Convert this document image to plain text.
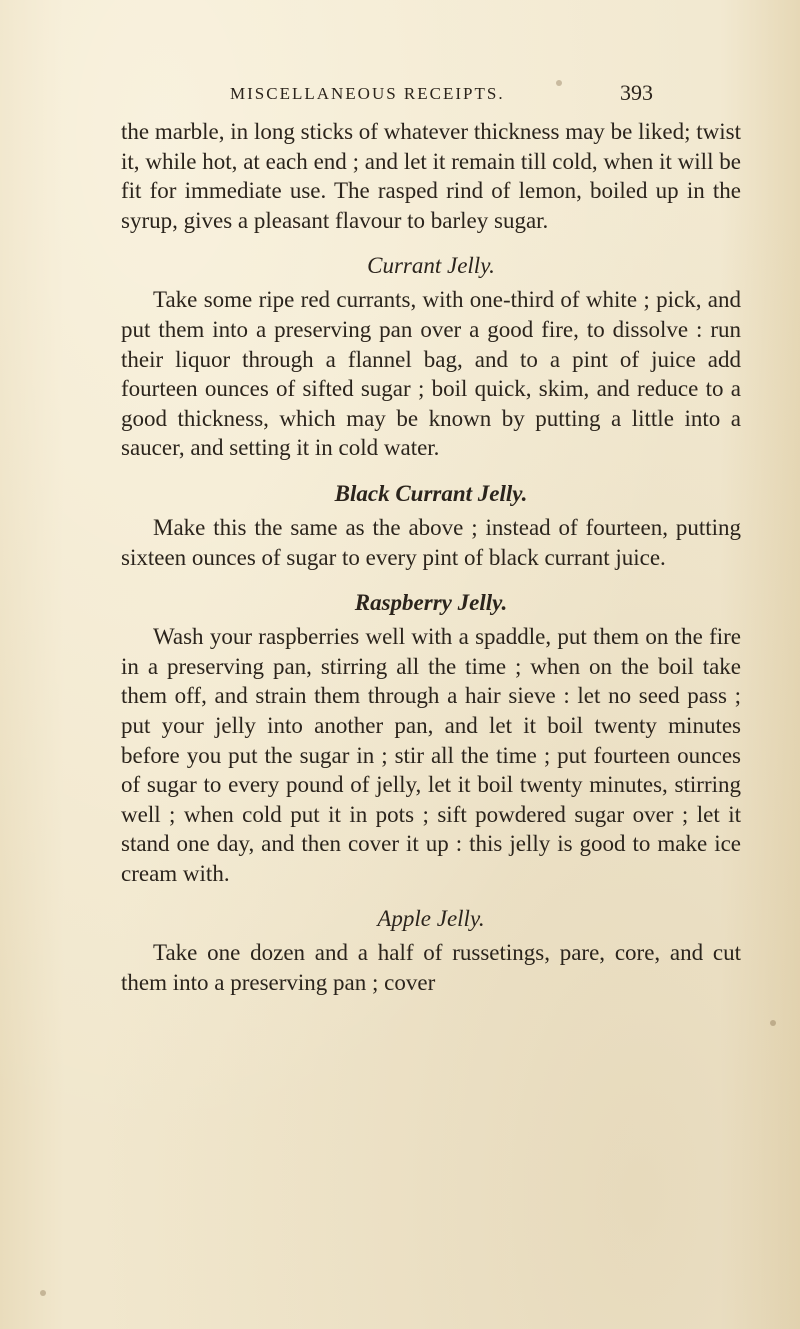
MISCELLANEOUS RECEIPTS.	393

the marble, in long sticks of whatever thickness may be liked; twist it, while hot, at each end ; and let it remain till cold, when it will be fit for immediate use. The rasped rind of lemon, boiled up in the syrup, gives a pleasant flavour to barley sugar.

Currant Jelly.

Take some ripe red currants, with one-third of white ; pick, and put them into a preserving pan over a good fire, to dissolve : run their liquor through a flannel bag, and to a pint of juice add fourteen ounces of sifted sugar ; boil quick, skim, and reduce to a good thickness, which may be known by putting a little into a saucer, and setting it in cold water.

Black Currant Jelly.

Make this the same as the above ; instead of fourteen, putting sixteen ounces of sugar to every pint of black currant juice.

Raspberry Jelly.

Wash your raspberries well with a spaddle, put them on the fire in a preserving pan, stirring all the time ; when on the boil take them off, and strain them through a hair sieve : let no seed pass ; put your jelly into another pan, and let it boil twenty minutes before you put the sugar in ; stir all the time ; put fourteen ounces of sugar to every pound of jelly, let it boil twenty minutes, stirring well ; when cold put it in pots ; sift powdered sugar over ; let it stand one day, and then cover it up : this jelly is good to make ice cream with.

Apple Jelly.

Take one dozen and a half of russetings, pare, core, and cut them into a preserving pan ; cover
